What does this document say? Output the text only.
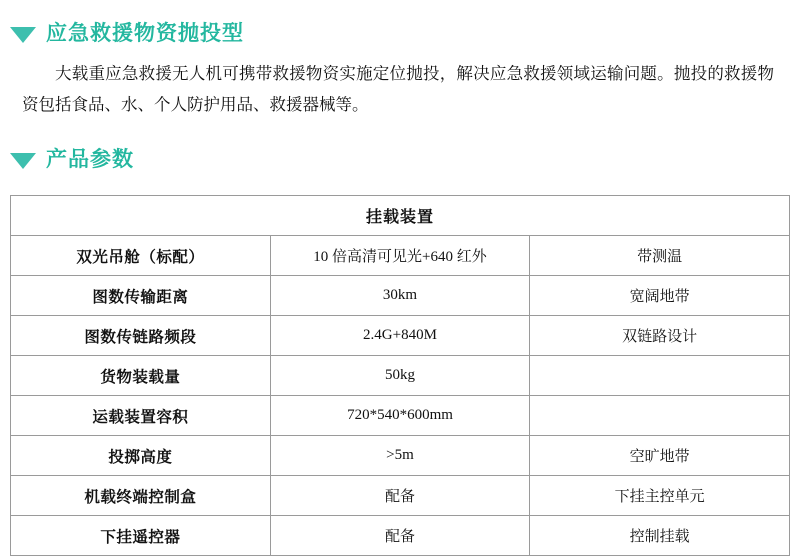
应急救援物资抛投型

大载重应急救援无人机可携带救援物资实施定位抛投，解决应急救援领域运输问题。抛投的救援物资包括食品、水、个人防护用品、救援器械等。

产品参数
挂载装置		
双光吊舱（标配）	10 倍高清可见光+640 红外	带测温
图数传输距离	30km	宽阔地带
图数传链路频段	2.4G+840M	双链路设计
货物装载量	50kg	
运载装置容积	720*540*600mm	
投掷高度	>5m	空旷地带
机载终端控制盒	配备	下挂主控单元
下挂遥控器	配备	控制挂载
